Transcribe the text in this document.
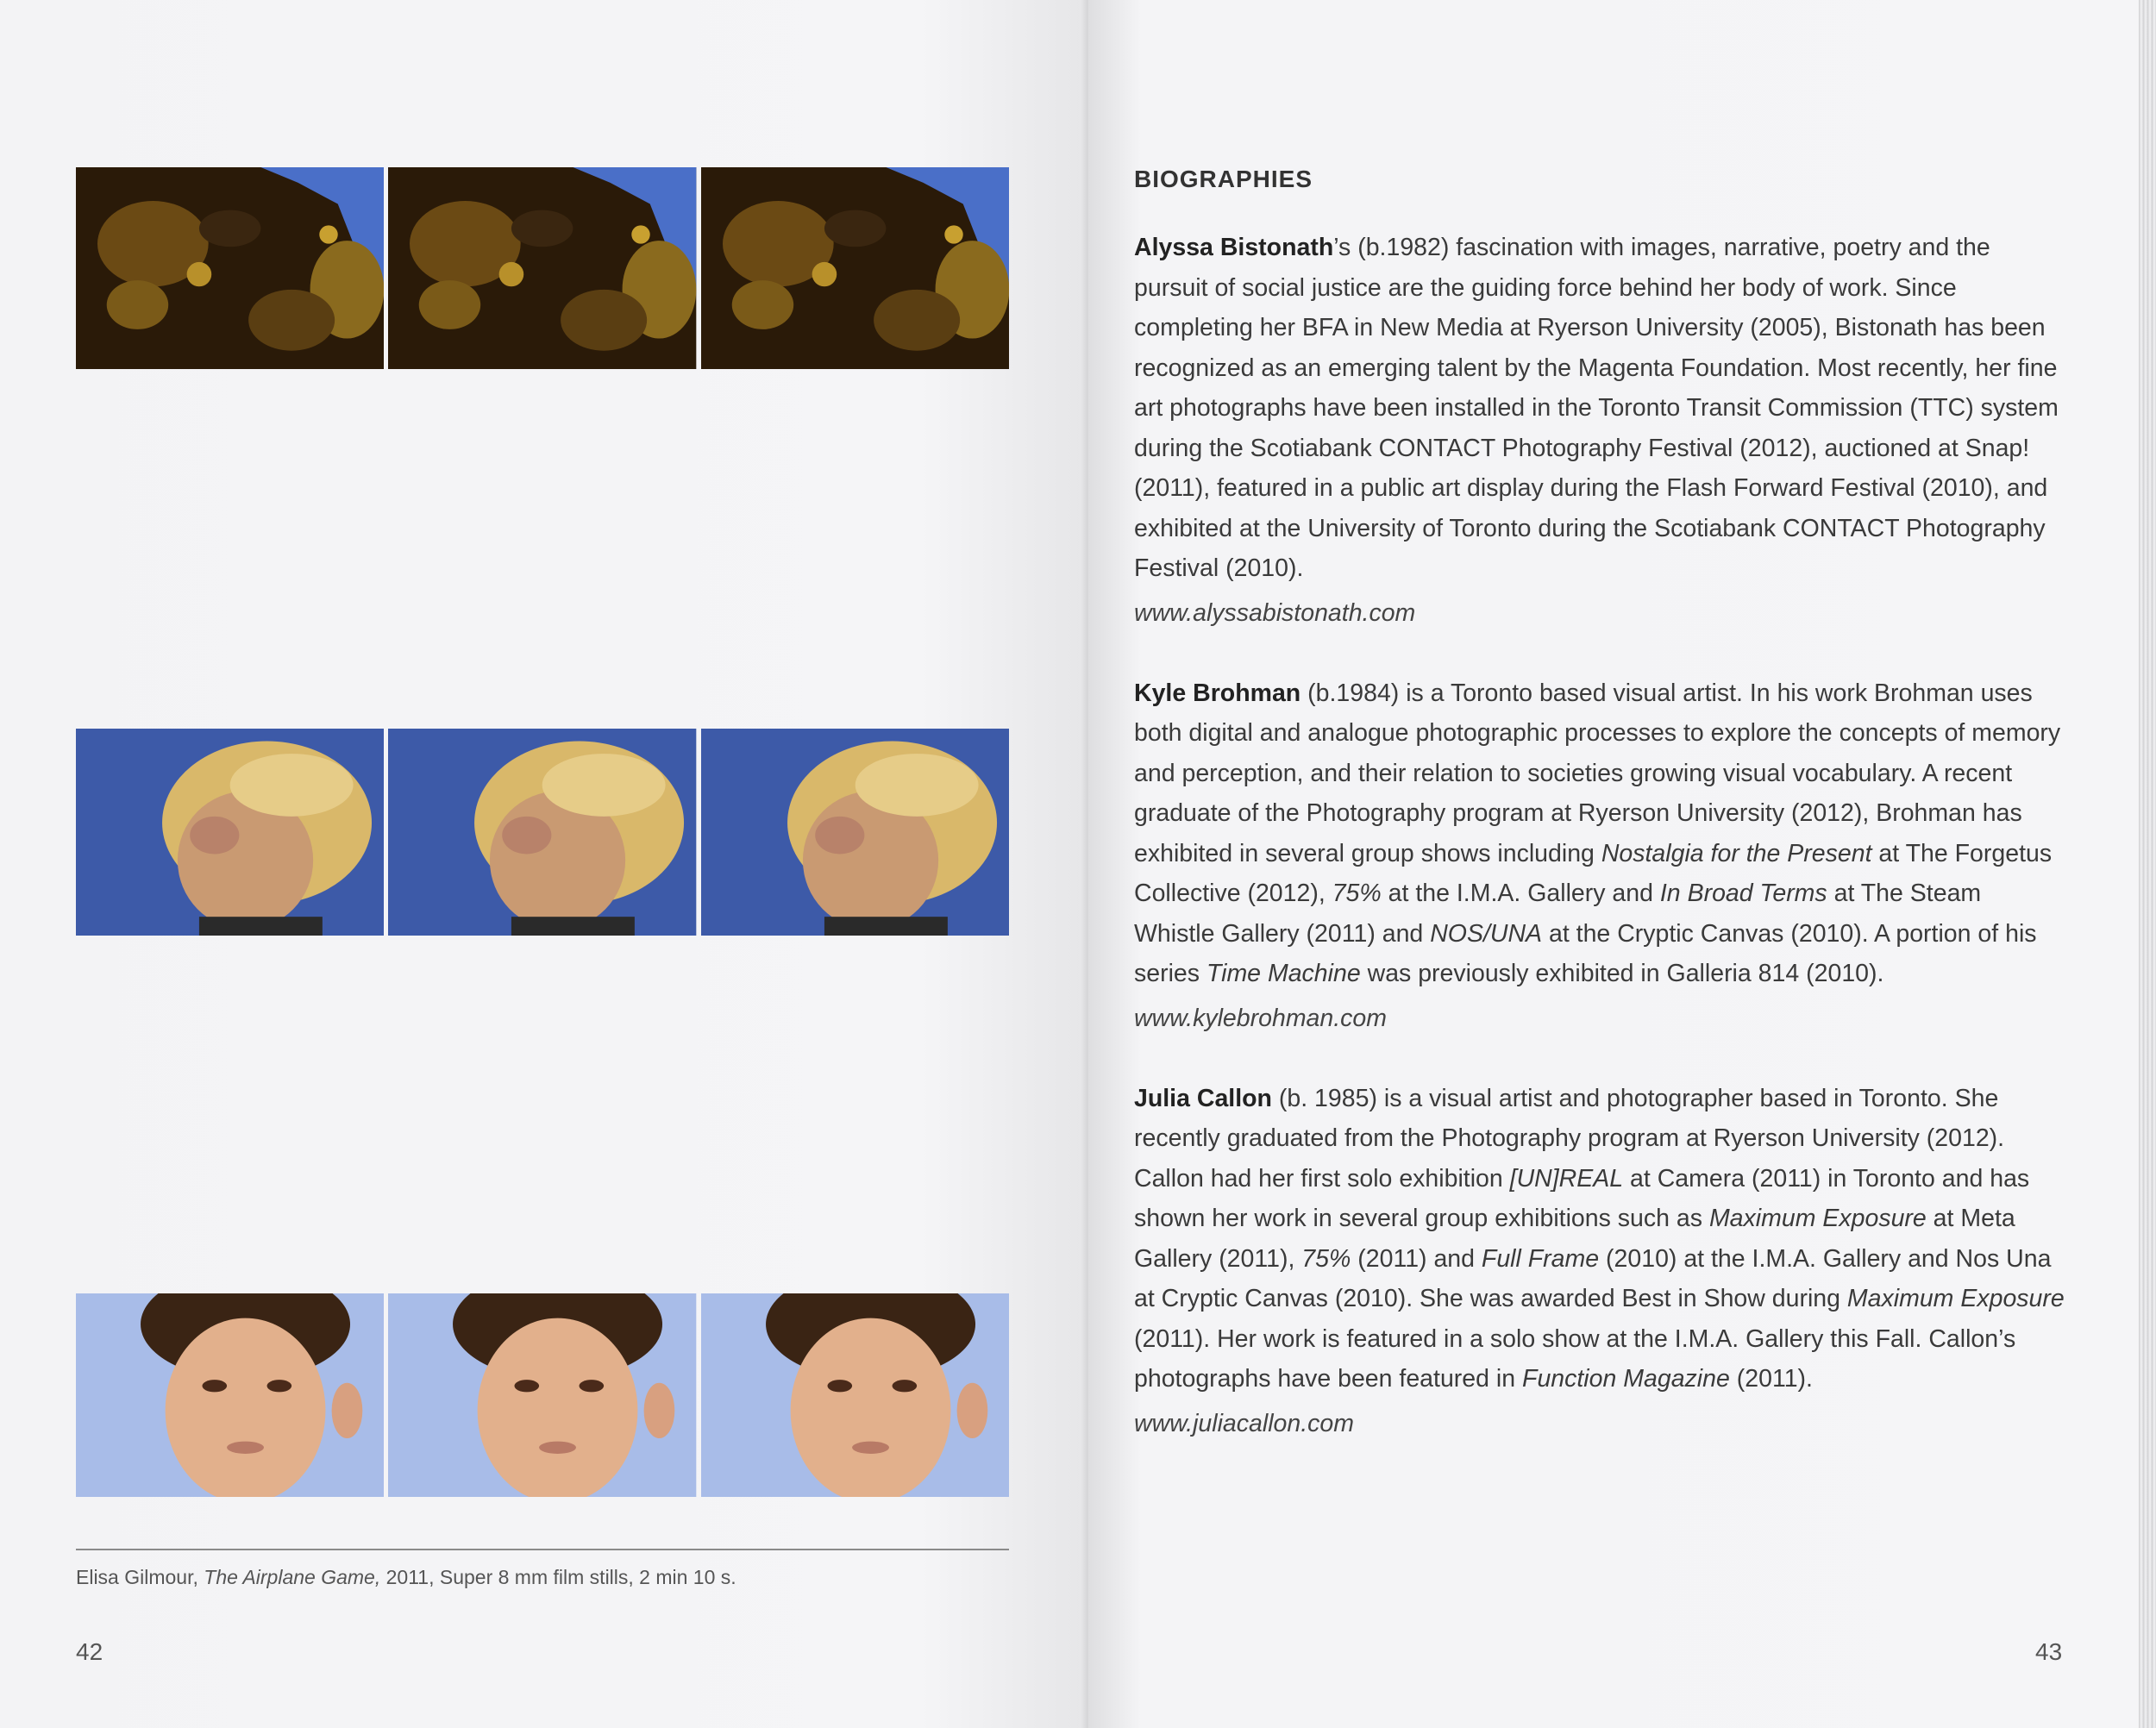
Elisa Gilmour, The Airplane Game, 2011, Super 8 mm film stills, 2 min 10 s.
42
BIOGRAPHIES

Alyssa Bistonath’s (b.1982) fascination with images, narrative, poetry and the pursuit of social justice are the guiding force behind her body of work. Since completing her BFA in New Media at Ryerson University (2005), Bistonath has been recognized as an emerging talent by the Magenta Foundation. Most recently, her fine art photographs have been installed in the Toronto Transit Commission (TTC) system during the Scotiabank CONTACT Photography Festival (2012), auctioned at Snap! (2011), featured in a public art display during the Flash Forward Festival (2010), and exhibited at the University of Toronto during the Scotiabank CONTACT Photography Festival (2010).

www.alyssabistonath.com

Kyle Brohman (b.1984) is a Toronto based visual artist. In his work Brohman uses both digital and analogue photographic processes to explore the concepts of memory and perception, and their relation to societies growing visual vocabulary. A recent graduate of the Photography program at Ryerson University (2012), Brohman has exhibited in several group shows including Nostalgia for the Present at The Forgetus Collective (2012), 75% at the I.M.A. Gallery and In Broad Terms at The Steam Whistle Gallery (2011) and NOS/UNA at the Cryptic Canvas (2010). A portion of his series Time Machine was previously exhibited in Galleria 814 (2010).

www.kylebrohman.com

Julia Callon (b. 1985) is a visual artist and photographer based in Toronto. She recently graduated from the Photography program at Ryerson University (2012). Callon had her first solo exhibition [UN]REAL at Camera (2011) in Toronto and has shown her work in several group exhibitions such as Maximum Exposure at Meta Gallery (2011), 75% (2011) and Full Frame (2010) at the I.M.A. Gallery and Nos Una at Cryptic Canvas (2010). She was awarded Best in Show during Maximum Exposure (2011). Her work is featured in a solo show at the I.M.A. Gallery this Fall. Callon’s photographs have been featured in Function Magazine (2011).

www.juliacallon.com

43
